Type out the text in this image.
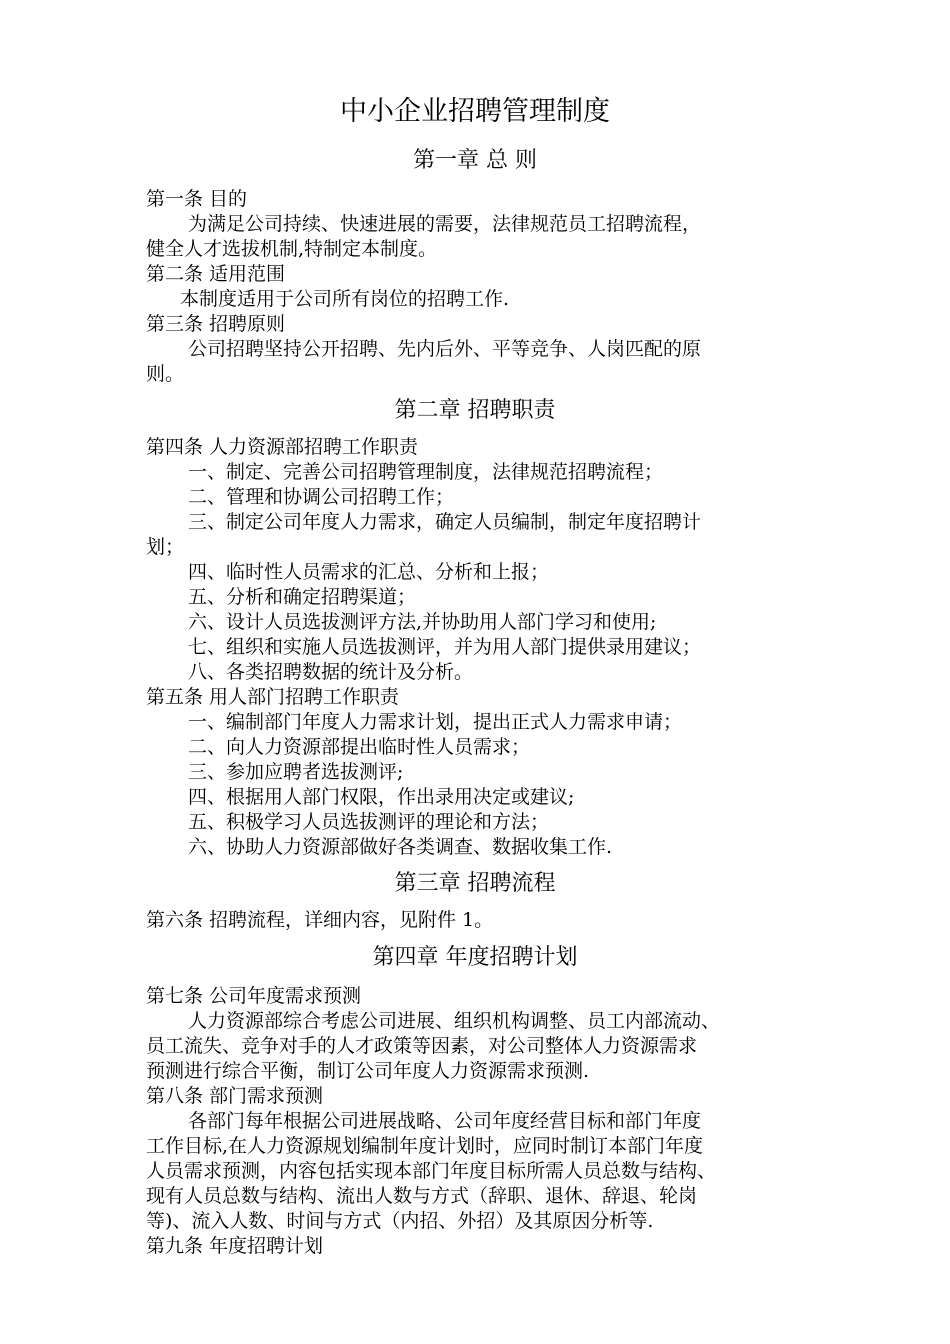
中小企业招聘管理制度
第一章 总 则
第一条 目的
为满足公司持续、快速进展的需要，法律规范员工招聘流程，
健全人才选拔机制,特制定本制度。
第二条 适用范围
本制度适用于公司所有岗位的招聘工作.
第三条 招聘原则
公司招聘坚持公开招聘、先内后外、平等竞争、人岗匹配的原
则。
第二章 招聘职责
第四条 人力资源部招聘工作职责
一、制定、完善公司招聘管理制度，法律规范招聘流程；
二、管理和协调公司招聘工作；
三、制定公司年度人力需求，确定人员编制，制定年度招聘计
划；
四、临时性人员需求的汇总、分析和上报；
五、分析和确定招聘渠道；
六、设计人员选拔测评方法,并协助用人部门学习和使用;
七、组织和实施人员选拔测评，并为用人部门提供录用建议；
八、各类招聘数据的统计及分析。
第五条 用人部门招聘工作职责
一、编制部门年度人力需求计划，提出正式人力需求申请；
二、向人力资源部提出临时性人员需求；
三、参加应聘者选拔测评;
四、根据用人部门权限，作出录用决定或建议;
五、积极学习人员选拔测评的理论和方法；
六、协助人力资源部做好各类调查、数据收集工作.
第三章 招聘流程
第六条 招聘流程，详细内容，见附件 1。
第四章 年度招聘计划
第七条 公司年度需求预测
人力资源部综合考虑公司进展、组织机构调整、员工内部流动、
员工流失、竞争对手的人才政策等因素，对公司整体人力资源需求
预测进行综合平衡，制订公司年度人力资源需求预测.
第八条 部门需求预测
各部门每年根据公司进展战略、公司年度经营目标和部门年度
工作目标,在人力资源规划编制年度计划时，应同时制订本部门年度
人员需求预测，内容包括实现本部门年度目标所需人员总数与结构、
现有人员总数与结构、流出人数与方式（辞职、退休、辞退、轮岗
等)、流入人数、时间与方式（内招、外招）及其原因分析等.
第九条 年度招聘计划
